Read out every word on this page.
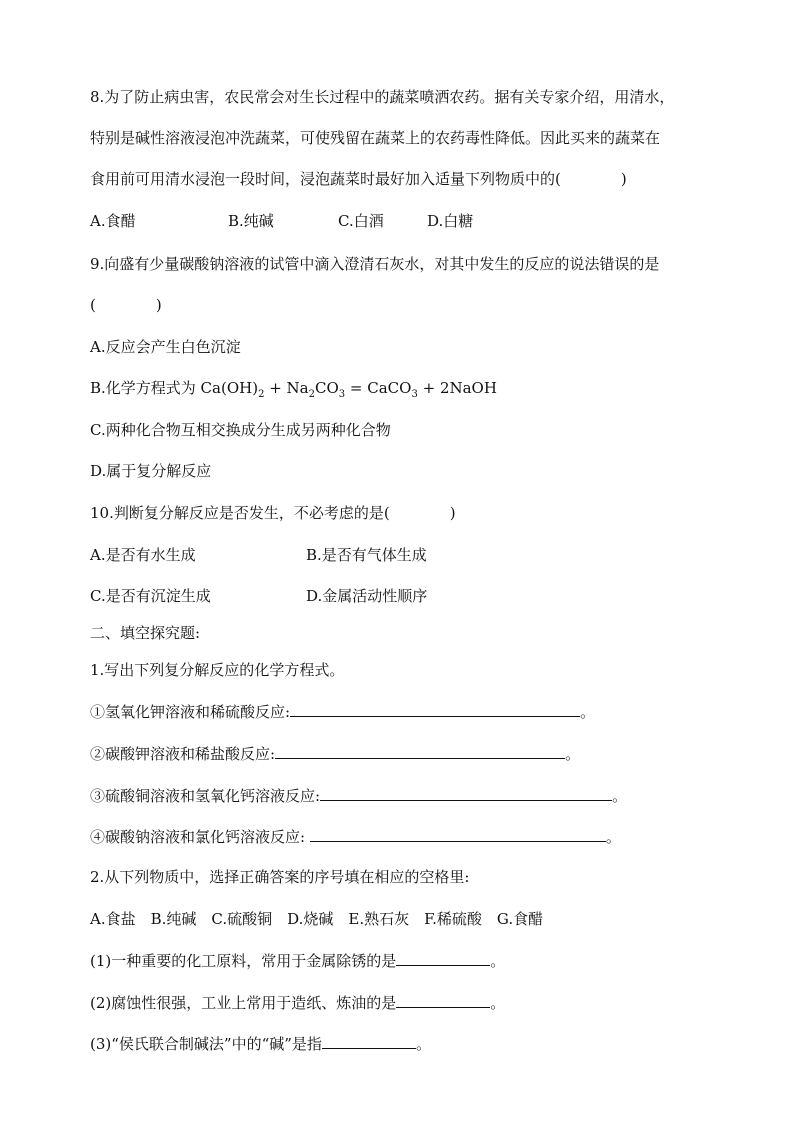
8.为了防止病虫害，农民常会对生长过程中的蔬菜喷洒农药。据有关专家介绍，用清水，
特别是碱性溶液浸泡冲洗蔬菜，可使残留在蔬菜上的农药毒性降低。因此买来的蔬菜在
食用前可用清水浸泡一段时间，浸泡蔬菜时最好加入适量下列物质中的(　　　　)
A.食醋	B.纯碱	C.白酒	D.白糖
9.向盛有少量碳酸钠溶液的试管中滴入澄清石灰水，对其中发生的反应的说法错误的是
(　　　　)
A.反应会产生白色沉淀
B.化学方程式为 $Ca(OH)_2 + Na_2CO_3$ = CaCO$_3$ + 2NaOH
C.两种化合物互相交换成分生成另两种化合物
D.属于复分解反应
10.判断复分解反应是否发生，不必考虑的是(　　　　)
A.是否有水生成	B.是否有气体生成
C.是否有沉淀生成	D.金属活动性顺序
二、填空探究题:
1.写出下列复分解反应的化学方程式。
①氢氧化钾溶液和稀硫酸反应:	。
②碳酸钾溶液和稀盐酸反应:	。
③硫酸铜溶液和氢氧化钙溶液反应:	。
④碳酸钠溶液和氯化钙溶液反应:	。
2.从下列物质中，选择正确答案的序号填在相应的空格里:
A.食盐　B.纯碱　C.硫酸铜　D.烧碱　E.熟石灰　F.稀硫酸　G.食醋
(1)一种重要的化工原料，常用于金属除锈的是	。
(2)腐蚀性很强，工业上常用于造纸、炼油的是	。
(3)“侯氏联合制碱法”中的“碱”是指	。
